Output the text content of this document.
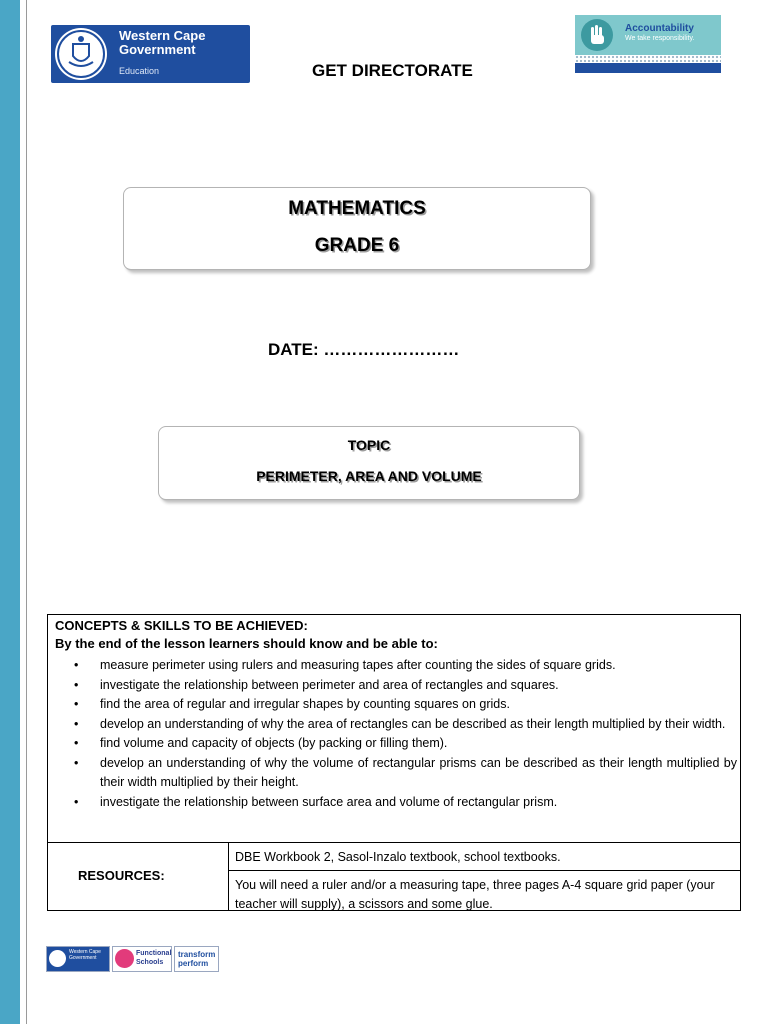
Western Cape Government
Education
Accountability
We take responsibility.
GET DIRECTORATE
MATHEMATICS
GRADE 6
DATE: ……………………
TOPIC
PERIMETER, AREA AND VOLUME
CONCEPTS & SKILLS TO BE ACHIEVED:
By the end of the lesson learners should know and be able to:
• measure perimeter using rulers and measuring tapes after counting the sides of square grids.
• investigate the relationship between perimeter and area of rectangles and squares.
• find the area of regular and irregular shapes by counting squares on grids.
• develop an understanding of why the area of rectangles can be described as their length multiplied by their width.
• find volume and capacity of objects (by packing or filling them).
• develop an understanding of why the volume of rectangular prisms can be described as their length multiplied by their width multiplied by their height.
• investigate the relationship between surface area and volume of rectangular prism.
RESOURCES:
DBE Workbook 2, Sasol-Inzalo textbook, school textbooks.
You will need a ruler and/or a measuring tape, three pages A-4 square grid paper (your teacher will supply), a scissors and some glue.
Western Cape Government
Functional Schools
transform perform
